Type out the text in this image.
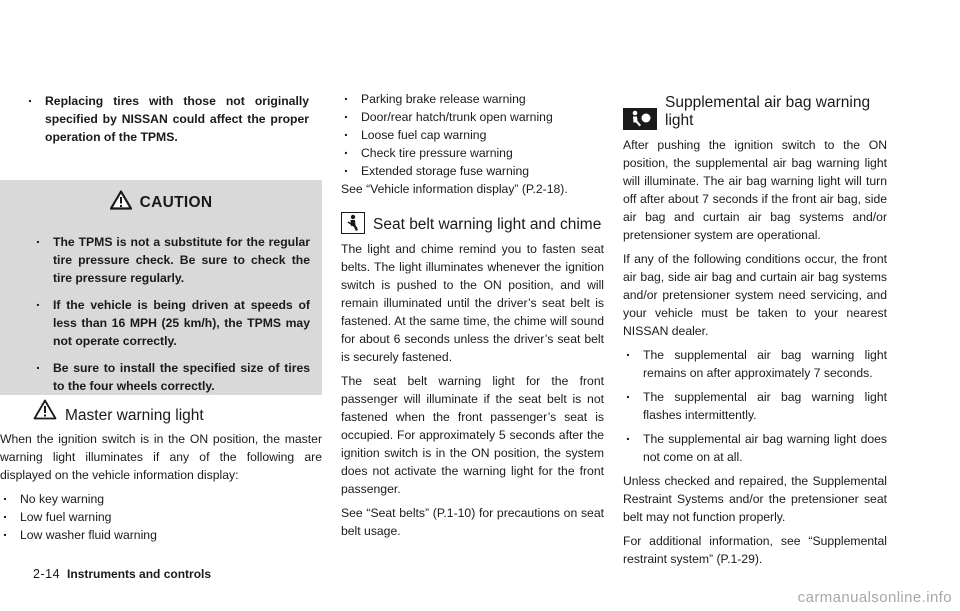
. Replacing tires with those not originally specified by NISSAN could affect the proper operation of the TPMS.
CAUTION
. The TPMS is not a substitute for the regular tire pressure check. Be sure to check the tire pressure regularly.
. If the vehicle is being driven at speeds of less than 16 MPH (25 km/h), the TPMS may not operate correctly.
. Be sure to install the specified size of tires to the four wheels correctly.
Master warning light

When the ignition switch is in the ON position, the master warning light illuminates if any of the following are displayed on the vehicle information display:

. No key warning
. Low fuel warning
. Low washer fluid warning
. Parking brake release warning
. Door/rear hatch/trunk open warning
. Loose fuel cap warning
. Check tire pressure warning
. Extended storage fuse warning

See “Vehicle information display” (P.2-18).

Seat belt warning light and chime

The light and chime remind you to fasten seat belts. The light illuminates whenever the ignition switch is pushed to the ON position, and will remain illuminated until the driver’s seat belt is fastened. At the same time, the chime will sound for about 6 seconds unless the driver’s seat belt is securely fastened.

The seat belt warning light for the front passenger will illuminate if the seat belt is not fastened when the front passenger’s seat is occupied. For approximately 5 seconds after the ignition switch is in the ON position, the system does not activate the warning light for the front passenger.

See “Seat belts” (P.1-10) for precautions on seat belt usage.

Supplemental air bag warning light

After pushing the ignition switch to the ON position, the supplemental air bag warning light will illuminate. The air bag warning light will turn off after about 7 seconds if the front air bag, side air bag and curtain air bag systems and/or pretensioner system are operational.

If any of the following conditions occur, the front air bag, side air bag and curtain air bag systems and/or pretensioner system need servicing, and your vehicle must be taken to your nearest NISSAN dealer.

. The supplemental air bag warning light remains on after approximately 7 seconds.
. The supplemental air bag warning light flashes intermittently.
. The supplemental air bag warning light does not come on at all.

Unless checked and repaired, the Supplemental Restraint Systems and/or the pretensioner seat belt may not function properly.

For additional information, see “Supplemental restraint system” (P.1-29).

2-14 Instruments and controls
carmanualsonline.info
